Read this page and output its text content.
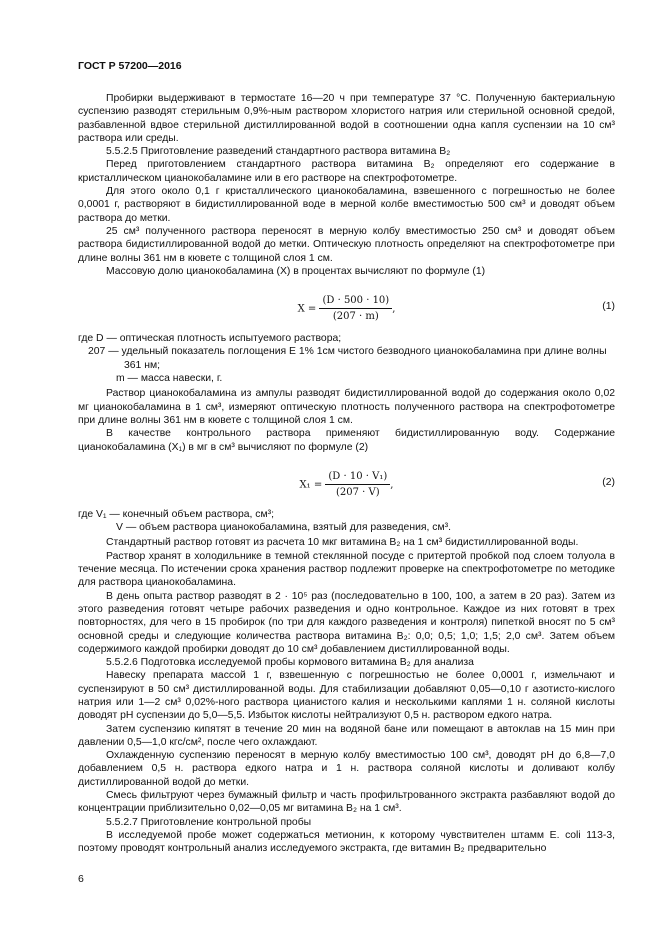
ГОСТ Р 57200—2016

Пробирки выдерживают в термостате 16—20 ч при температуре 37 °С. Полученную бактериальную суспензию разводят стерильным 0,9%-ным раствором хлористого натрия или стерильной основной средой, разбавленной вдвое стерильной дистиллированной водой в соотношении одна капля суспензии на 10 см³ раствора или среды.

5.5.2.5 Приготовление разведений стандартного раствора витамина B₂

Перед приготовлением стандартного раствора витамина B₂ определяют его содержание в кристаллическом цианокобаламине или в его растворе на спектрофотометре.

Для этого около 0,1 г кристаллического цианокобаламина, взвешенного с погрешностью не более 0,0001 г, растворяют в бидистиллированной воде в мерной колбе вместимостью 500 см³ и доводят объем раствора до метки.

25 см³ полученного раствора переносят в мерную колбу вместимостью 250 см³ и доводят объем раствора бидистиллированной водой до метки. Оптическую плотность определяют на спектрофотометре при длине волны 361 нм в кювете с толщиной слоя 1 см.

Массовую долю цианокобаламина (X) в процентах вычисляют по формуле (1)

$X = \frac{(D \cdot 500 \cdot 10)}{(207 \cdot m)}$ ,	(1)
где D — оптическая плотность испытуемого раствора;
207 — удельный показатель поглощения E 1% 1см чистого безводного цианокобаламина при длине волны
361 нм;
m — масса навески, г.

Раствор цианокобаламина из ампулы разводят бидистиллированной водой до содержания около 0,02 мг цианокобаламина в 1 см³, измеряют оптическую плотность полученного раствора на спектрофотометре при длине волны 361 нм в кювете с толщиной слоя 1 см.

В качестве контрольного раствора применяют бидистиллированную воду. Содержание цианокобаламина (X₁) в мг в см³ вычисляют по формуле (2)

$X_1 = \frac{\text{(D · 10 · V₁)}}{(207 \cdot V)}$ ,	(2)
где V₁ — конечный объем раствора, см³;
V — объем раствора цианокобаламина, взятый для разведения, см³.

Стандартный раствор готовят из расчета 10 мкг витамина B₂ на 1 см³ бидистиллированной воды.

Раствор хранят в холодильнике в темной стеклянной посуде с притертой пробкой под слоем толуола в течение месяца. По истечении срока хранения раствор подлежит проверке на спектрофотометре по методике для раствора цианокобаламина.

В день опыта раствор разводят в 2 · 10⁵ раз (последовательно в 100, 100, а затем в 20 раз). Затем из этого разведения готовят четыре рабочих разведения и одно контрольное. Каждое из них готовят в трех повторностях, для чего в 15 пробирок (по три для каждого разведения и контроля) пипеткой вносят по 5 см³ основной среды и следующие количества раствора витамина B₂: 0,0; 0,5; 1,0; 1,5; 2,0 см³. Затем объем содержимого каждой пробирки доводят до 10 см³ добавлением дистиллированной воды.

5.5.2.6 Подготовка исследуемой пробы кормового витамина B₂ для анализа

Навеску препарата массой 1 г, взвешенную с погрешностью не более 0,0001 г, измельчают и суспензируют в 50 см³ дистиллированной воды. Для стабилизации добавляют 0,05—0,10 г азотисто-кислого натрия или 1—2 см³ 0,02%-ного раствора цианистого калия и несколькими каплями 1 н. соляной кислоты доводят pH суспензии до 5,0—5,5. Избыток кислоты нейтрализуют 0,5 н. раствором едкого натра.

Затем суспензию кипятят в течение 20 мин на водяной бане или помещают в автоклав на 15 мин при давлении 0,5—1,0 кгс/см², после чего охлаждают.

Охлажденную суспензию переносят в мерную колбу вместимостью 100 см³, доводят pH до 6,8—7,0 добавлением 0,5 н. раствора едкого натра и 1 н. раствора соляной кислоты и доливают колбу дистиллированной водой до метки.

Смесь фильтруют через бумажный фильтр и часть профильтрованного экстракта разбавляют водой до концентрации приблизительно 0,02—0,05 мг витамина B₂ на 1 см³.

5.5.2.7 Приготовление контрольной пробы

В исследуемой пробе может содержаться метионин, к которому чувствителен штамм E. coli 113-3, поэтому проводят контрольный анализ исследуемого экстракта, где витамин B₂ предварительно

6
